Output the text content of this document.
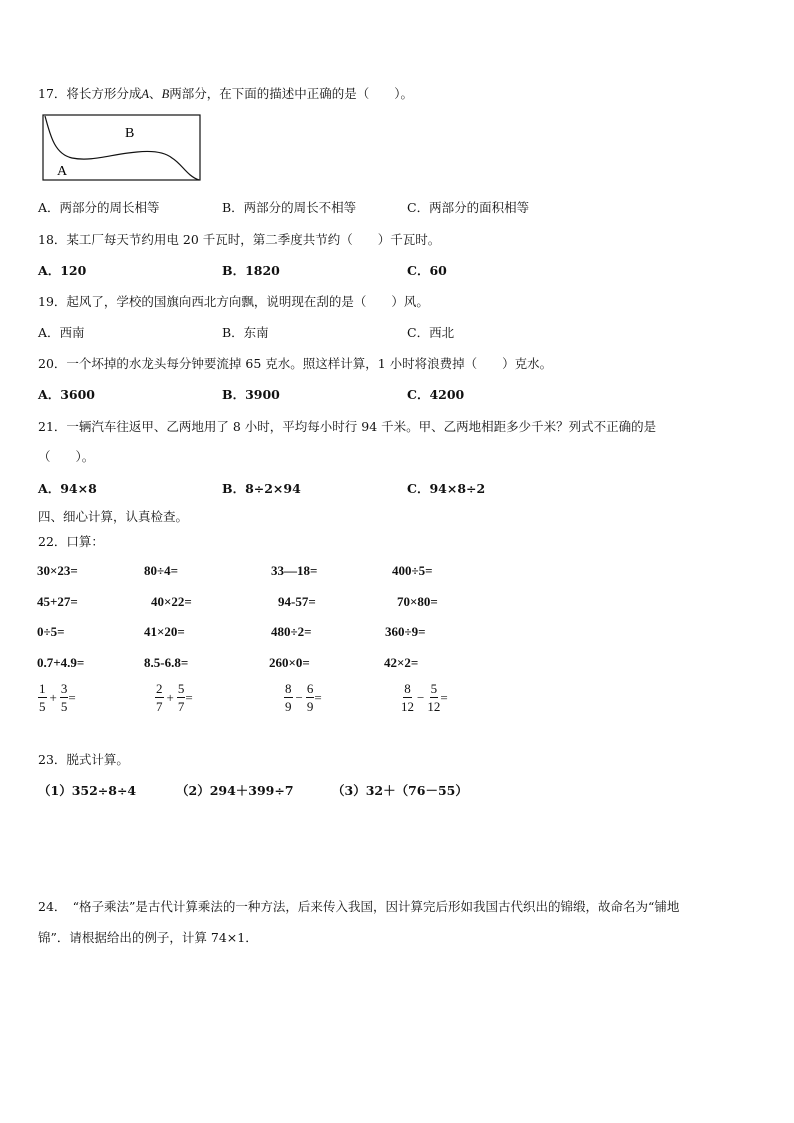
17．将长方形分成A、B两部分，在下面的描述中正确的是（　　）。
B
A
A．两部分的周长相等	B．两部分的周长不相等	C．两部分的面积相等
18．某工厂每天节约用电 20 千瓦时，第二季度共节约（　　）千瓦时。
A．120	B．1820	C．60
19．起风了，学校的国旗向西北方向飘，说明现在刮的是（　　）风。
A．西南	B．东南	C．西北
20．一个坏掉的水龙头每分钟要流掉 65 克水。照这样计算，1 小时将浪费掉（　　）克水。
A．3600	B．3900	C．4200
21．一辆汽车往返甲、乙两地用了 8 小时，平均每小时行 94 千米。甲、乙两地相距多少千米？列式不正确的是
（　　）。
A．94×8	B．8÷2×94	C．94×8÷2
四、细心计算，认真检查。
22．口算：
30×23=	80÷4=	33—18=	400÷5=
45+27=	40×22=	94-57=	70×80=
0÷5=	41×20=	480÷2=	360÷9=
0.7+4.9=	8.5-6.8=	260×0=	42×2=
$\frac{1}{5} + \frac{3}{5}$ =	$\frac{2}{7} + \frac{5}{7}$ =	$\frac{8}{9} - \frac{6}{9}$ =	$\frac{8}{12} - \frac{5}{12}$ =
23．脱式计算。
（1）352÷8÷4	（2）294＋399÷7	（3）32＋（76－55）
24．　“格子乘法”是古代计算乘法的一种方法，后来传入我国，因计算完后形如我国古代织出的锦缎，故命名为“铺地
锦”．请根据给出的例子，计算 74×1．
